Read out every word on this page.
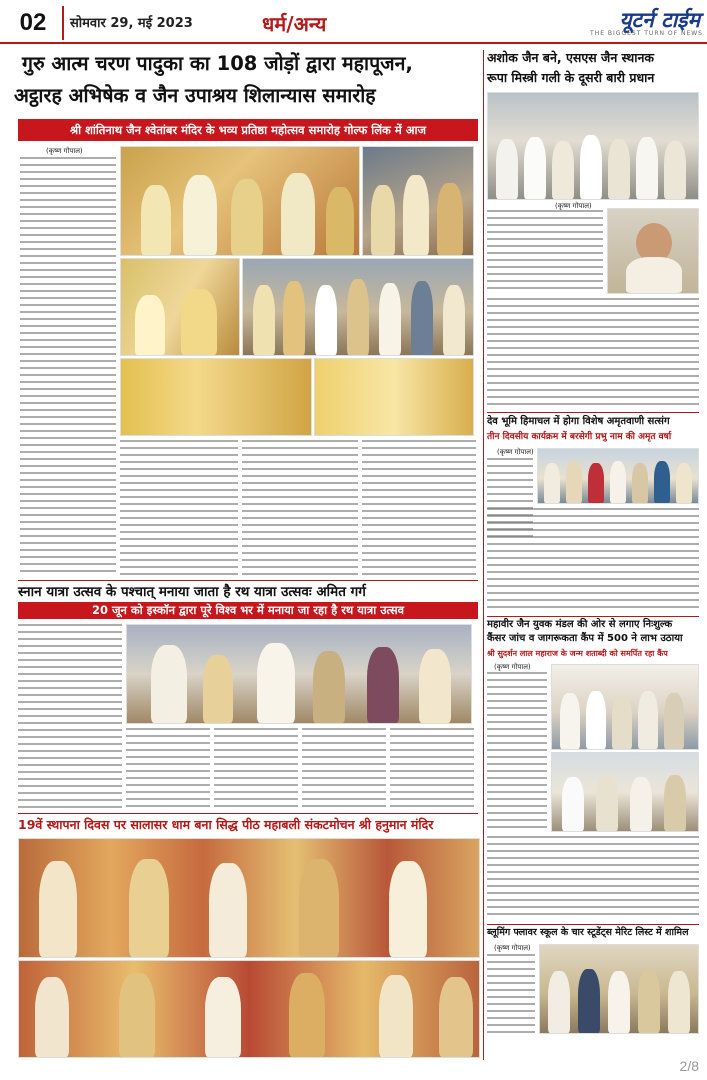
02	सोमवार 29, मई 2023	धर्म/अन्य	यूटर्न टाईम
THE BIGGEST TURN OF NEWS
गुरु आत्म चरण पादुका का 108 जोड़ों द्वारा महापूजन,
अट्ठारह अभिषेक व जैन उपाश्रय शिलान्यास समारोह
श्री शांतिनाथ जैन श्वेतांबर मंदिर के भव्य प्रतिष्ठा महोत्सव समारोह गोल्फ लिंक में आज
(कृष्ण गोपाल)
स्नान यात्रा उत्सव के पश्चात् मनाया जाता है रथ यात्रा उत्सवः अमित गर्ग
20 जून को इस्कॉन द्वारा पूरे विश्व भर में मनाया जा रहा है रथ यात्रा उत्सव
19वें स्थापना दिवस पर सालासर धाम बना सिद्ध पीठ महाबली संकटमोचन श्री हनुमान मंदिर
अशोक जैन बने, एसएस जैन स्थानक
रूपा मिस्त्री गली के दूसरी बारी प्रधान
(कृष्ण गोपाल)
देव भूमि हिमाचल में होगा विशेष अमृतवाणी सत्संग
तीन दिवसीय कार्यक्रम में बरसेगी प्रभु नाम की अमृत वर्षा
(कृष्ण गोपाल)
महावीर जैन युवक मंडल की ओर से लगाए निःशुल्क
कैंसर जांच व जागरूकता कैंप में 500 ने लाभ उठाया
श्री सुदर्शन लाल महाराज के जन्म शताब्दी को समर्पित रहा कैंप
(कृष्ण गोपाल)
ब्लूमिंग फ्लावर स्कूल के चार स्टूडेंट्स मेरिट लिस्ट में शामिल
(कृष्ण गोपाल)
2/8
